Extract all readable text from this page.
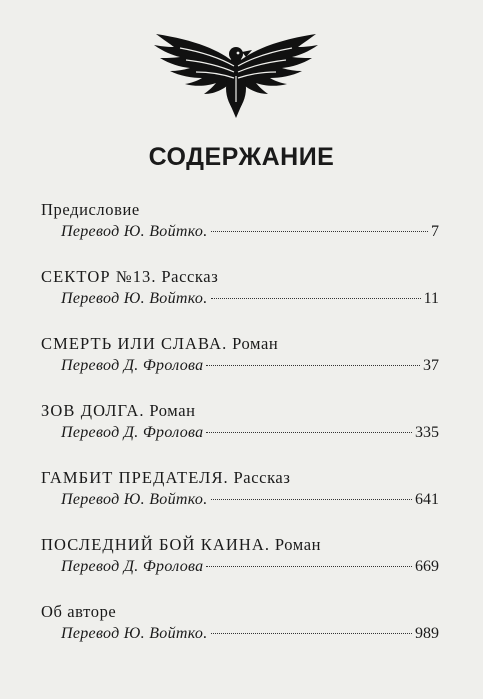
СОДЕРЖАНИЕ
Предисловие
Перевод Ю. Войтко.	7
СЕКТОР №13. Рассказ
Перевод Ю. Войтко.	11
СМЕРТЬ ИЛИ СЛАВА. Роман
Перевод Д. Фролова	37
ЗОВ ДОЛГА. Роман
Перевод Д. Фролова	335
ГАМБИТ ПРЕДАТЕЛЯ. Рассказ
Перевод Ю. Войтко.	641
ПОСЛЕДНИЙ БОЙ КАИНА. Роман
Перевод Д. Фролова	669
Об авторе
Перевод Ю. Войтко.	989
